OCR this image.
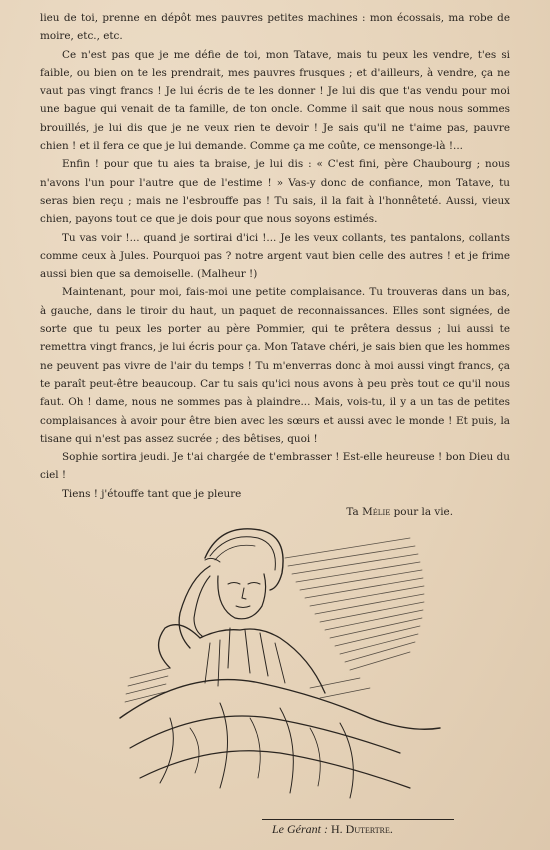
lieu de toi, prenne en dépôt mes pauvres petites machines : mon écossais, ma robe de moire, etc., etc.

Ce n'est pas que je me défie de toi, mon Tatave, mais tu peux les vendre, t'es si faible, ou bien on te les prendrait, mes pauvres frusques ; et d'ailleurs, à vendre, ça ne vaut pas vingt francs ! Je lui écris de te les donner ! Je lui dis que t'as vendu pour moi une bague qui venait de ta famille, de ton oncle. Comme il sait que nous nous sommes brouillés, je lui dis que je ne veux rien te devoir ! Je sais qu'il ne t'aime pas, pauvre chien ! et il fera ce que je lui demande. Comme ça me coûte, ce mensonge-là !...

Enfin ! pour que tu aies ta braise, je lui dis : « C'est fini, père Chaubourg ; nous n'avons l'un pour l'autre que de l'estime ! » Vas-y donc de confiance, mon Tatave, tu seras bien reçu ; mais ne l'esbrouffe pas ! Tu sais, il la fait à l'honnêteté. Aussi, vieux chien, payons tout ce que je dois pour que nous soyons estimés.

Tu vas voir !... quand je sortirai d'ici !... Je les veux collants, tes pantalons, collants comme ceux à Jules. Pourquoi pas ? notre argent vaut bien celle des autres ! et je frime aussi bien que sa demoiselle. (Malheur !)

Maintenant, pour moi, fais-moi une petite complaisance. Tu trouveras dans un bas, à gauche, dans le tiroir du haut, un paquet de reconnaissances. Elles sont signées, de sorte que tu peux les porter au père Pommier, qui te prêtera dessus ; lui aussi te remettra vingt francs, je lui écris pour ça. Mon Tatave chéri, je sais bien que les hommes ne peuvent pas vivre de l'air du temps ! Tu m'enverras donc à moi aussi vingt francs, ça te paraît peut-être beaucoup. Car tu sais qu'ici nous avons à peu près tout ce qu'il nous faut. Oh ! dame, nous ne sommes pas à plaindre... Mais, vois-tu, il y a un tas de petites complaisances à avoir pour être bien avec les sœurs et aussi avec le monde ! Et puis, la tisane qui n'est pas assez sucrée ; des bêtises, quoi !

Sophie sortira jeudi. Je t'ai chargée de t'embrasser ! Est-elle heureuse ! bon Dieu du ciel !

Tiens ! j'étouffe tant que je pleure

Ta Mélie pour la vie.
Le Gérant : H. Dutertre.
